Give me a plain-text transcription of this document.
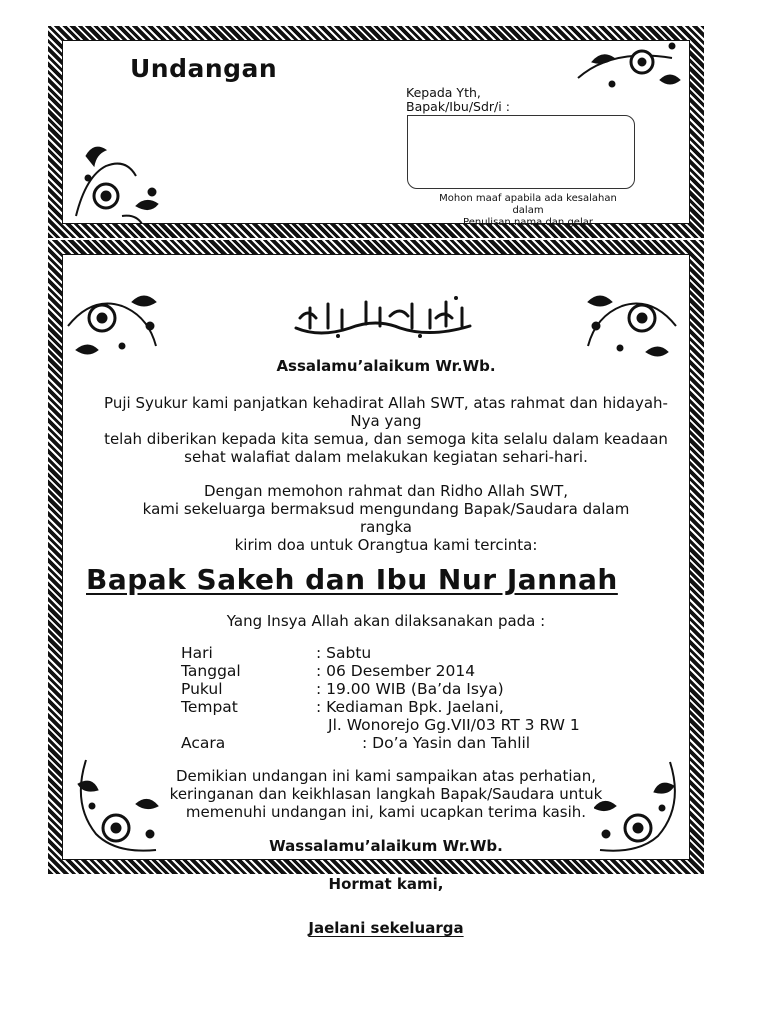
Undangan
Kepada Yth,
Bapak/Ibu/Sdr/i :
Mohon maaf apabila ada kesalahan
dalam
Penulisan nama dan gelar
Assalamu’alaikum Wr.Wb.
Puji Syukur kami panjatkan kehadirat Allah SWT, atas rahmat dan hidayah-
Nya yang
telah diberikan kepada kita semua, dan semoga kita selalu dalam keadaan
sehat walafiat dalam melakukan kegiatan sehari-hari.
Dengan memohon rahmat dan Ridho Allah SWT,
kami sekeluarga bermaksud mengundang Bapak/Saudara dalam
rangka
kirim doa untuk Orangtua kami tercinta:
Bapak Sakeh dan Ibu Nur Jannah
Yang Insya Allah akan dilaksanakan pada :
Hari	: Sabtu
Tanggal	: 06 Desember 2014
Pukul	: 19.00 WIB (Ba’da Isya)
Tempat	: Kediaman Bpk. Jaelani,
Jl. Wonorejo Gg.VII/03 RT 3 RW 1
Acara	: Do’a Yasin dan Tahlil
Demikian undangan ini kami sampaikan atas perhatian,
keringanan dan keikhlasan langkah Bapak/Saudara untuk
memenuhi undangan ini, kami ucapkan terima kasih.
Wassalamu’alaikum Wr.Wb.
Hormat kami,
Jaelani sekeluarga
